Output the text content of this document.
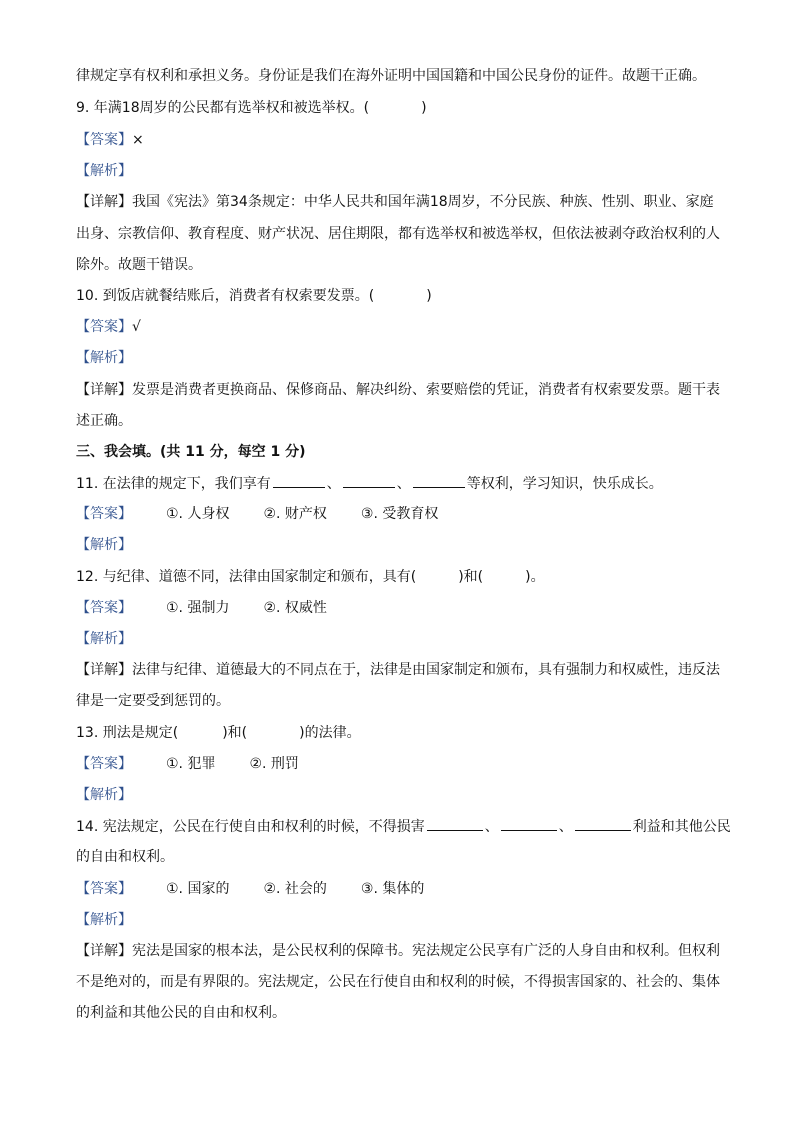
律规定享有权利和承担义务。身份证是我们在海外证明中国国籍和中国公民身份的证件。故题干正确。
9. 年满18周岁的公民都有选举权和被选举权。(	)
【答案】×
【解析】
【详解】我国《宪法》第34条规定：中华人民共和国年满18周岁，不分民族、种族、性别、职业、家庭
出身、宗教信仰、教育程度、财产状况、居住期限，都有选举权和被选举权，但依法被剥夺政治权利的人
除外。故题干错误。
10. 到饭店就餐结账后，消费者有权索要发票。(	)
【答案】√
【解析】
【详解】发票是消费者更换商品、保修商品、解决纠纷、索要赔偿的凭证，消费者有权索要发票。题干表
述正确。
三、我会填。(共 11 分，每空 1 分)
11. 在法律的规定下，我们享有	、	、	等权利，学习知识，快乐成长。
【答案】 ①. 人身权 ②. 财产权 ③. 受教育权
【解析】
12. 与纪律、道德不同，法律由国家制定和颁布，具有(	)和(	)。
【答案】 ①. 强制力 ②. 权威性
【解析】
【详解】法律与纪律、道德最大的不同点在于，法律是由国家制定和颁布，具有强制力和权威性，违反法
律是一定要受到惩罚的。
13. 刑法是规定(	)和(	)的法律。
【答案】 ①. 犯罪 ②. 刑罚
【解析】
14. 宪法规定，公民在行使自由和权利的时候，不得损害	、	、	利益和其他公民
的自由和权利。
【答案】 ①. 国家的 ②. 社会的 ③. 集体的
【解析】
【详解】宪法是国家的根本法，是公民权利的保障书。宪法规定公民享有广泛的人身自由和权利。但权利
不是绝对的，而是有界限的。宪法规定，公民在行使自由和权利的时候，不得损害国家的、社会的、集体
的利益和其他公民的自由和权利。
